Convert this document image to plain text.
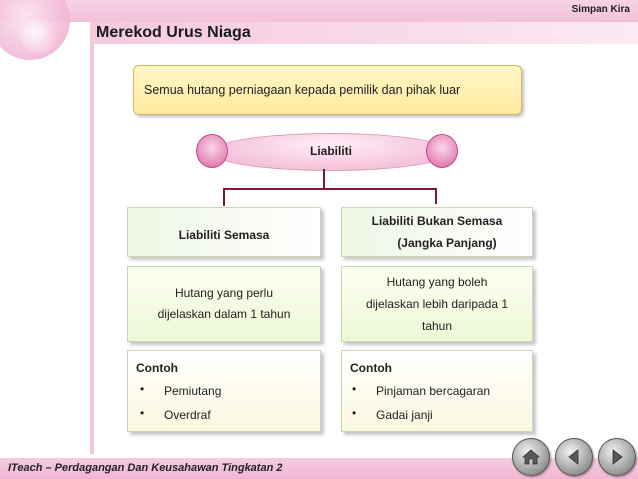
Simpan Kira
Merekod Urus Niaga
Semua hutang perniagaan kepada pemilik dan pihak luar
Liabiliti
Liabiliti Semasa
Liabiliti Bukan Semasa
(Jangka Panjang)
Hutang yang perlu
dijelaskan dalam 1 tahun
Hutang yang boleh
dijelaskan lebih daripada 1
tahun
Contoh
• Pemiutang
• Overdraf
Contoh
• Pinjaman bercagaran
• Gadai janji
ITeach – Perdagangan Dan Keusahawan Tingkatan 2
